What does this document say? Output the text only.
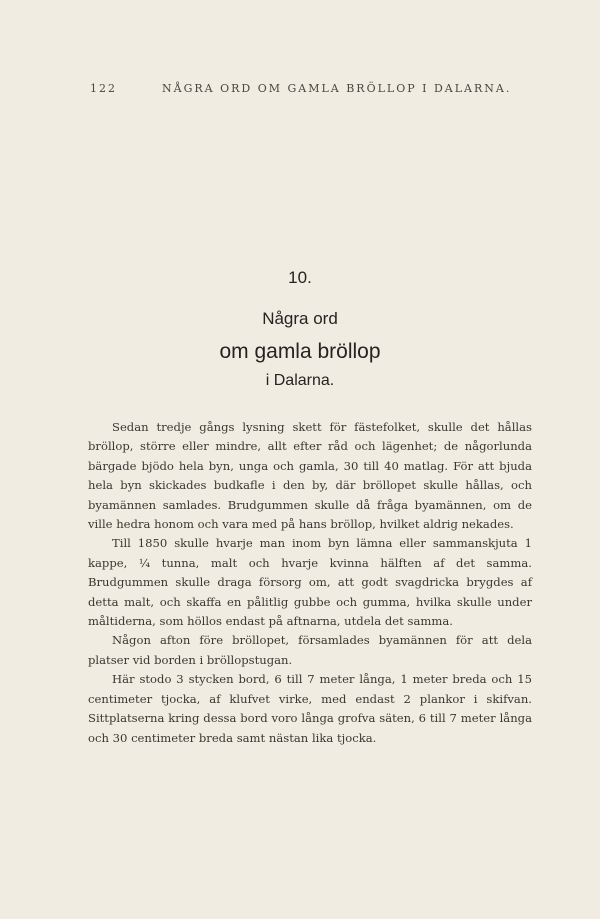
122	NÅGRA ORD OM GAMLA BRÖLLOP I DALARNA.
10.
Några ord
om gamla bröllop
i Dalarna.

Sedan tredje gångs lysning skett för fästefolket, skulle det hållas bröllop, större eller mindre, allt efter råd och lägenhet; de någorlunda bärgade bjödo hela byn, unga och gamla, 30 till 40 matlag. För att bjuda hela byn skickades budkafle i den by, där bröllopet skulle hållas, och byamännen samlades. Brudgummen skulle då fråga byamännen, om de ville hedra honom och vara med på hans bröllop, hvilket aldrig nekades.

Till 1850 skulle hvarje man inom byn lämna eller sammanskjuta 1 kappe, ¼ tunna, malt och hvarje kvinna hälften af det samma. Brudgummen skulle draga försorg om, att godt svagdricka brygdes af detta malt, och skaffa en pålitlig gubbe och gumma, hvilka skulle under måltiderna, som höllos endast på aftnarna, utdela det samma.

Någon afton före bröllopet, församlades byamännen för att dela platser vid borden i bröllopstugan.

Här stodo 3 stycken bord, 6 till 7 meter långa, 1 meter breda och 15 centimeter tjocka, af klufvet virke, med endast 2 plankor i skifvan. Sittplatserna kring dessa bord voro långa grofva säten, 6 till 7 meter långa och 30 centimeter breda samt nästan lika tjocka.
